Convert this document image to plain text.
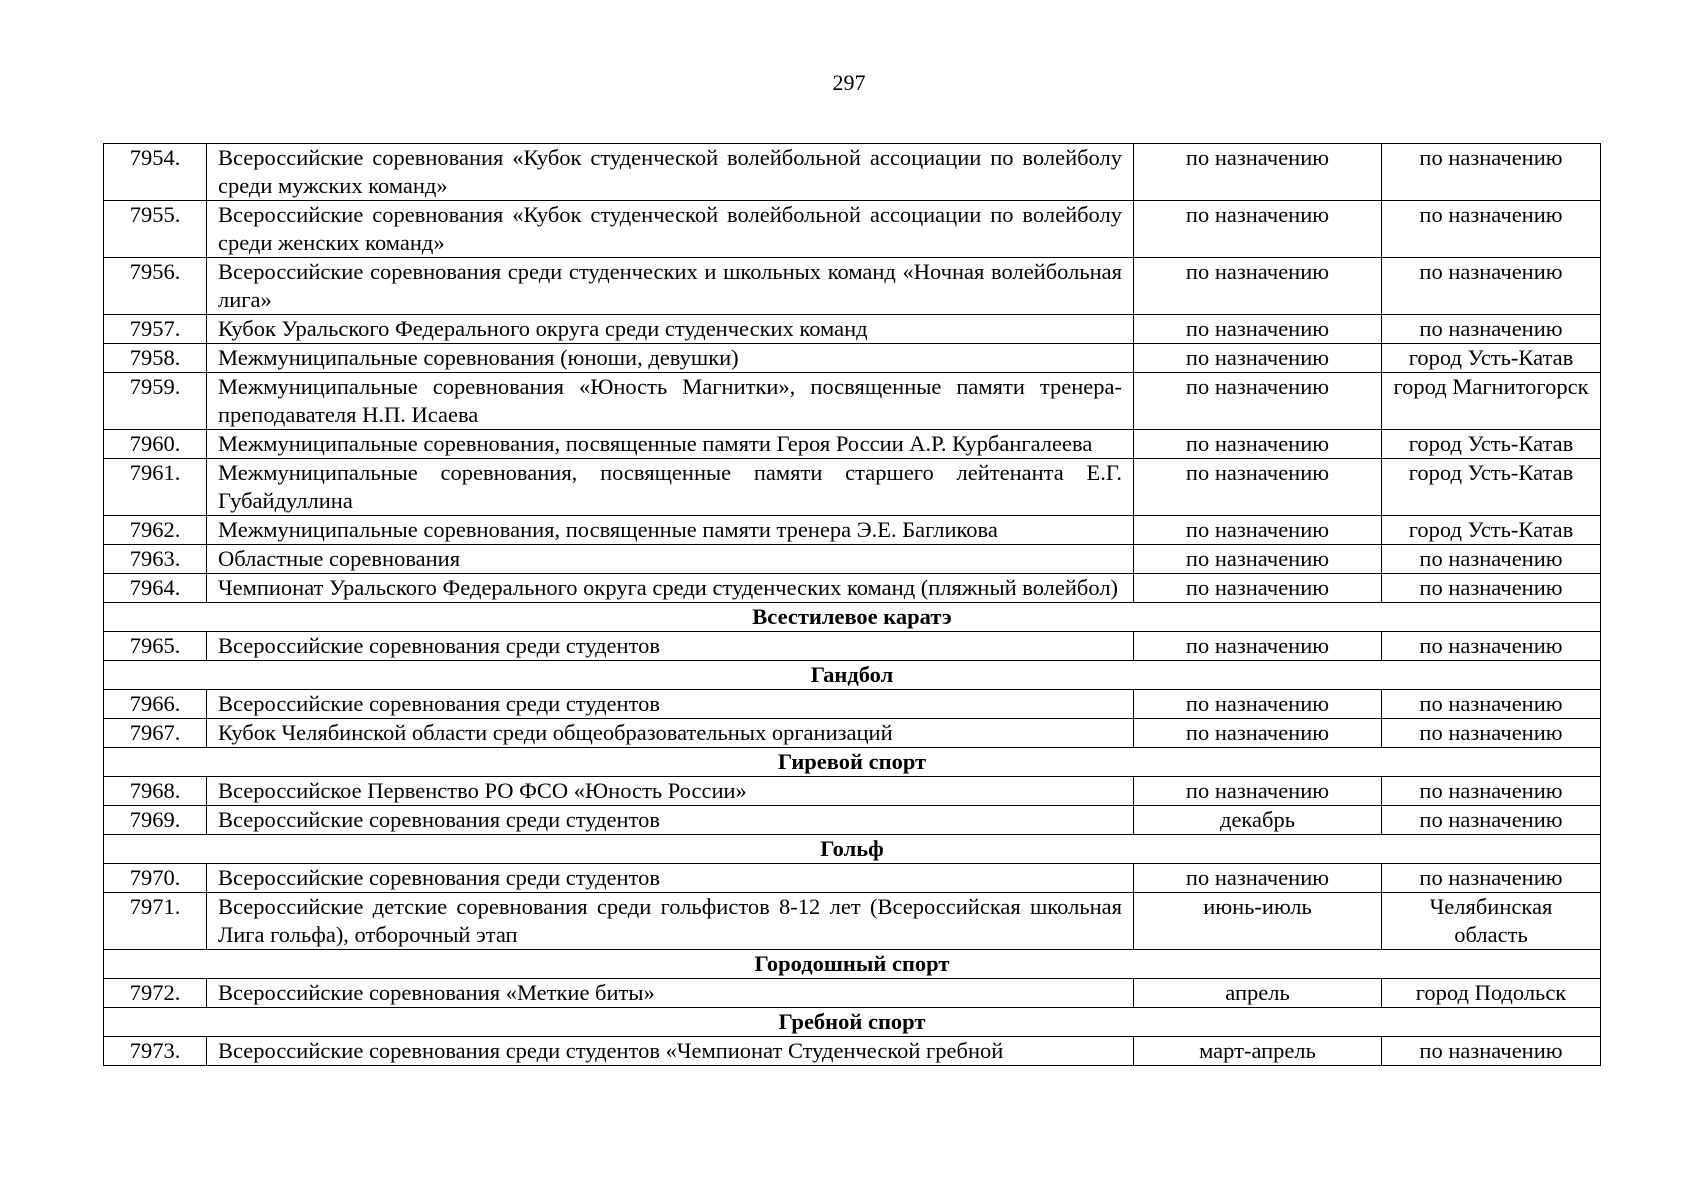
297
7954.	Всероссийские соревнования «Кубок студенческой волейбольной ассоциации по волейболу среди мужских команд»	по назначению	по назначению
7955.	Всероссийские соревнования «Кубок студенческой волейбольной ассоциации по волейболу среди женских команд»	по назначению	по назначению
7956.	Всероссийские соревнования среди студенческих и школьных команд «Ночная волейбольная лига»	по назначению	по назначению
7957.	Кубок Уральского Федерального округа среди студенческих команд	по назначению	по назначению
7958.	Межмуниципальные соревнования (юноши, девушки)	по назначению	город Усть-Катав
7959.	Межмуниципальные соревнования «Юность Магнитки», посвященные памяти тренера-преподавателя Н.П. Исаева	по назначению	город Магнитогорск
7960.	Межмуниципальные соревнования, посвященные памяти Героя России А.Р. Курбангалеева	по назначению	город Усть-Катав
7961.	Межмуниципальные соревнования, посвященные памяти старшего лейтенанта Е.Г. Губайдуллина	по назначению	город Усть-Катав
7962.	Межмуниципальные соревнования, посвященные памяти тренера Э.Е. Багликова	по назначению	город Усть-Катав
7963.	Областные соревнования	по назначению	по назначению
7964.	Чемпионат Уральского Федерального округа среди студенческих команд (пляжный волейбол)	по назначению	по назначению
Всестилевое каратэ			
7965.	Всероссийские соревнования среди студентов	по назначению	по назначению
Гандбол			
7966.	Всероссийские соревнования среди студентов	по назначению	по назначению
7967.	Кубок Челябинской области среди общеобразовательных организаций	по назначению	по назначению
Гиревой спорт			
7968.	Всероссийское Первенство РО ФСО «Юность России»	по назначению	по назначению
7969.	Всероссийские соревнования среди студентов	декабрь	по назначению
Гольф			
7970.	Всероссийские соревнования среди студентов	по назначению	по назначению
7971.	Всероссийские детские соревнования среди гольфистов 8-12 лет (Всероссийская школьная Лига гольфа), отборочный этап	июнь-июль	Челябинская область
Городошный спорт			
7972.	Всероссийские соревнования «Меткие биты»	апрель	город Подольск
Гребной спорт			
7973.	Всероссийские соревнования среди студентов «Чемпионат Студенческой гребной	март-апрель	по назначению
